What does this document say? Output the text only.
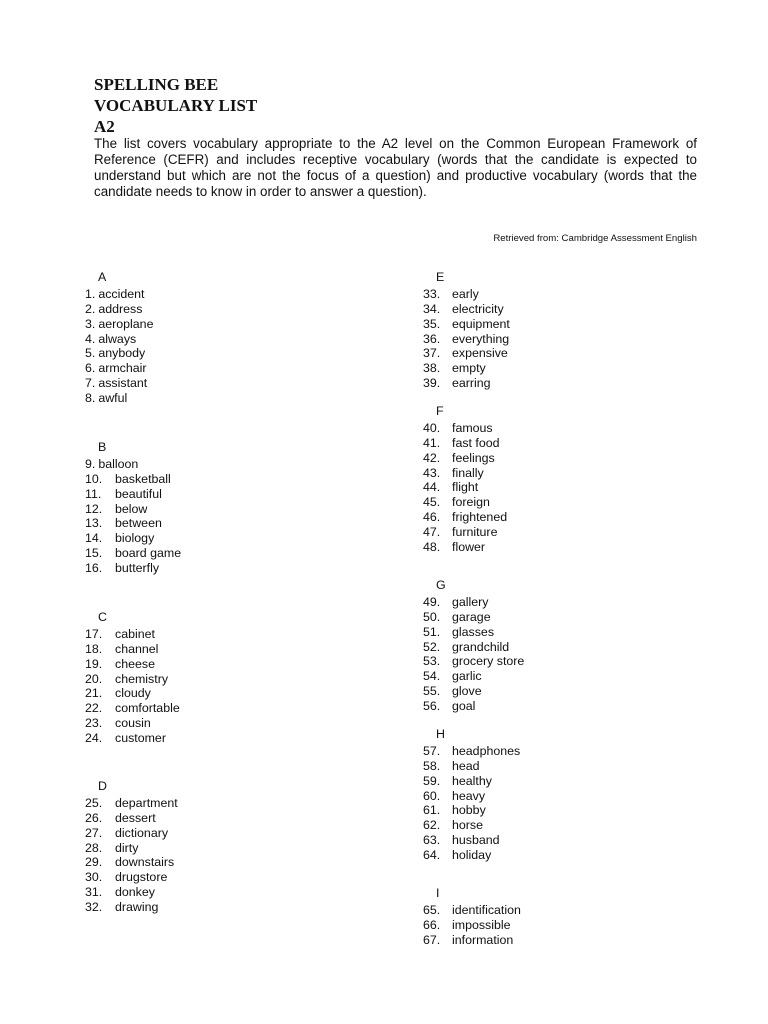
SPELLING BEE
VOCABULARY LIST
A2

The list covers vocabulary appropriate to the A2 level on the Common European Framework of Reference (CEFR) and includes receptive vocabulary (words that the candidate is expected to understand but which are not the focus of a question) and productive vocabulary (words that the candidate needs to know in order to answer a question).

Retrieved from: Cambridge Assessment English
A
1. accident
2. address
3. aeroplane
4. always
5. anybody
6. armchair
7. assistant
8. awful
B
9. balloon
10. basketball
11. beautiful
12. below
13. between
14. biology
15. board game
16. butterfly
C
17. cabinet
18. channel
19. cheese
20. chemistry
21. cloudy
22. comfortable
23. cousin
24. customer
D
25. department
26. dessert
27. dictionary
28. dirty
29. downstairs
30. drugstore
31. donkey
32. drawing
E
33. early
34. electricity
35. equipment
36. everything
37. expensive
38. empty
39. earring
F
40. famous
41. fast food
42. feelings
43. finally
44. flight
45. foreign
46. frightened
47. furniture
48. flower
G
49. gallery
50. garage
51. glasses
52. grandchild
53. grocery store
54. garlic
55. glove
56. goal
H
57. headphones
58. head
59. healthy
60. heavy
61. hobby
62. horse
63. husband
64. holiday
I
65. identification
66. impossible
67. information
